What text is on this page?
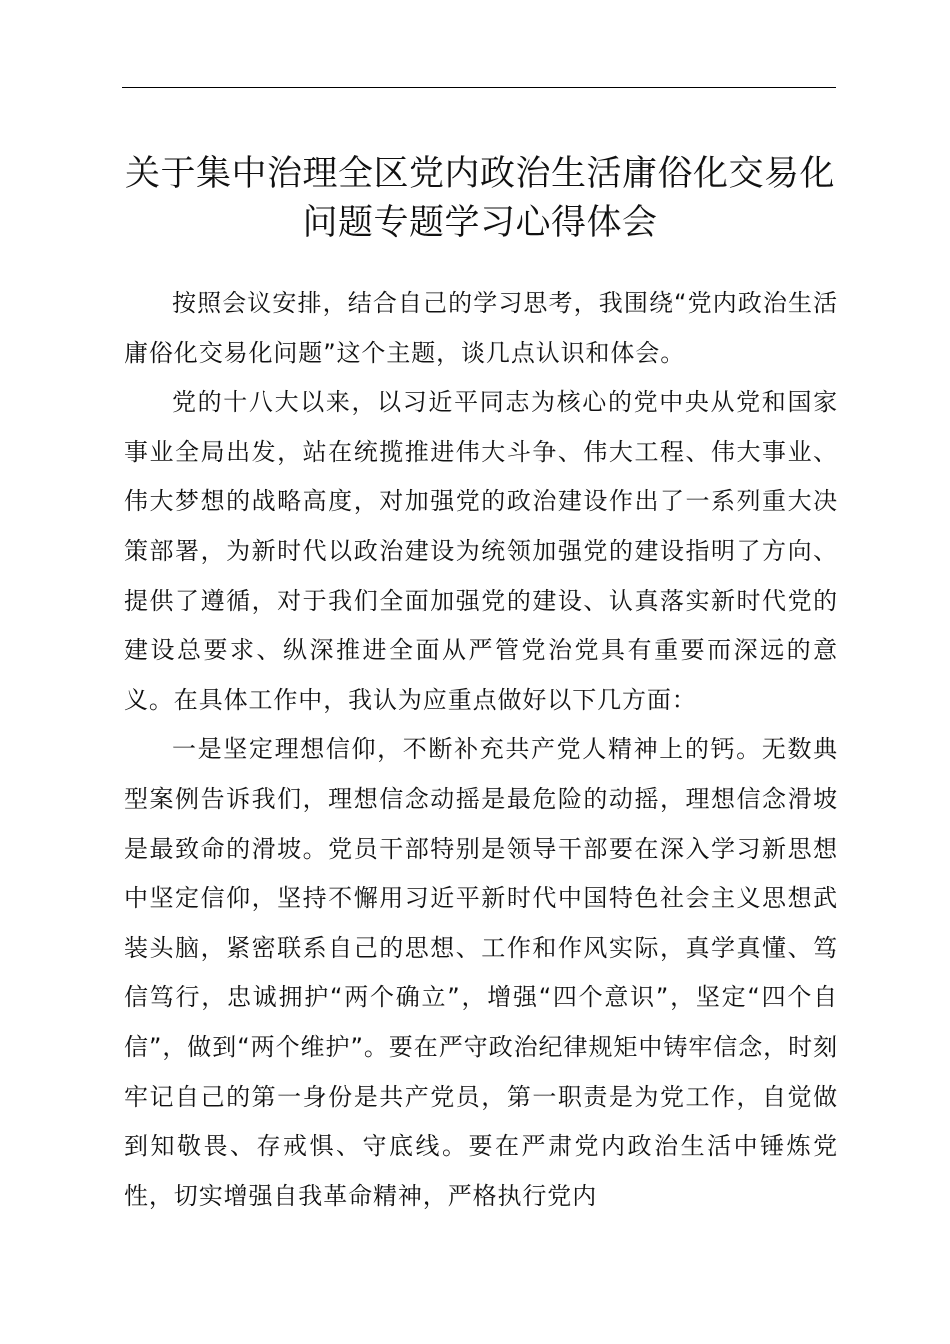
关于集中治理全区党内政治生活庸俗化交易化
问题专题学习心得体会

按照会议安排，结合自己的学习思考，我围绕“党内政治生活庸俗化交易化问题”这个主题，谈几点认识和体会。

党的十八大以来，以习近平同志为核心的党中央从党和国家事业全局出发，站在统揽推进伟大斗争、伟大工程、伟大事业、伟大梦想的战略高度，对加强党的政治建设作出了一系列重大决策部署，为新时代以政治建设为统领加强党的建设指明了方向、提供了遵循，对于我们全面加强党的建设、认真落实新时代党的建设总要求、纵深推进全面从严管党治党具有重要而深远的意义。在具体工作中，我认为应重点做好以下几方面：

一是坚定理想信仰，不断补充共产党人精神上的钙。无数典型案例告诉我们，理想信念动摇是最危险的动摇，理想信念滑坡是最致命的滑坡。党员干部特别是领导干部要在深入学习新思想中坚定信仰，坚持不懈用习近平新时代中国特色社会主义思想武装头脑，紧密联系自己的思想、工作和作风实际，真学真懂、笃信笃行，忠诚拥护“两个确立”，增强“四个意识”，坚定“四个自信”，做到“两个维护”。要在严守政治纪律规矩中铸牢信念，时刻牢记自己的第一身份是共产党员，第一职责是为党工作，自觉做到知敬畏、存戒惧、守底线。要在严肃党内政治生活中锤炼党性，切实增强自我革命精神，严格执行党内
